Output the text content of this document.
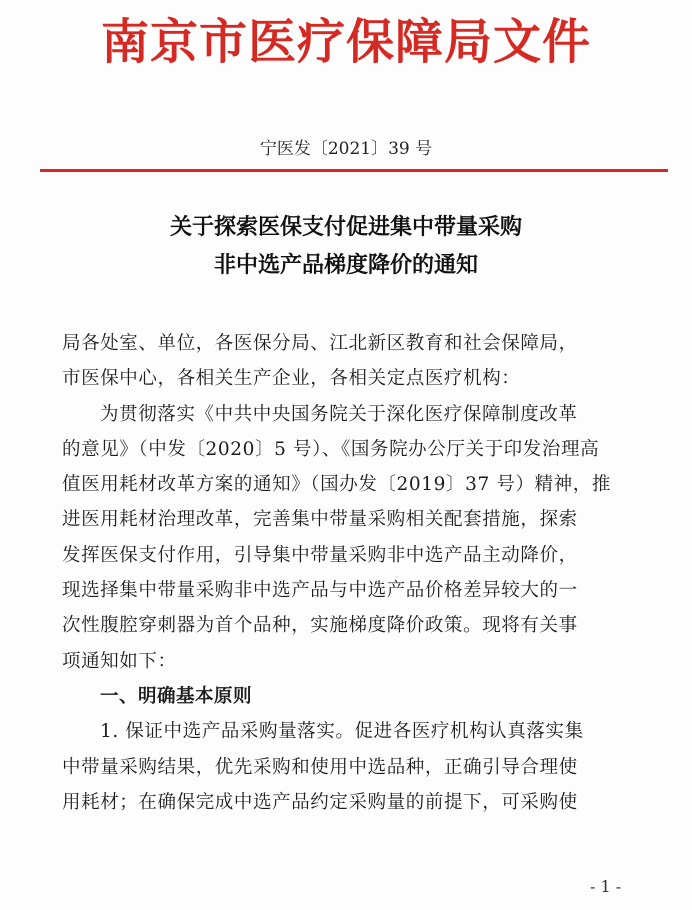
南京市医疗保障局文件
宁医发〔2021〕39 号
关于探索医保支付促进集中带量采购
非中选产品梯度降价的通知
局各处室、单位，各医保分局、江北新区教育和社会保障局，
市医保中心，各相关生产企业，各相关定点医疗机构：
为贯彻落实《中共中央国务院关于深化医疗保障制度改革
的意见》（中发〔2020〕5 号）、《国务院办公厅关于印发治理高
值医用耗材改革方案的通知》（国办发〔2019〕37 号）精神，推
进医用耗材治理改革，完善集中带量采购相关配套措施，探索
发挥医保支付作用，引导集中带量采购非中选产品主动降价，
现选择集中带量采购非中选产品与中选产品价格差异较大的一
次性腹腔穿刺器为首个品种，实施梯度降价政策。现将有关事
项通知如下：
一、明确基本原则
1. 保证中选产品采购量落实。促进各医疗机构认真落实集
中带量采购结果，优先采购和使用中选品种，正确引导合理使
用耗材；在确保完成中选产品约定采购量的前提下，可采购使
- 1 -
